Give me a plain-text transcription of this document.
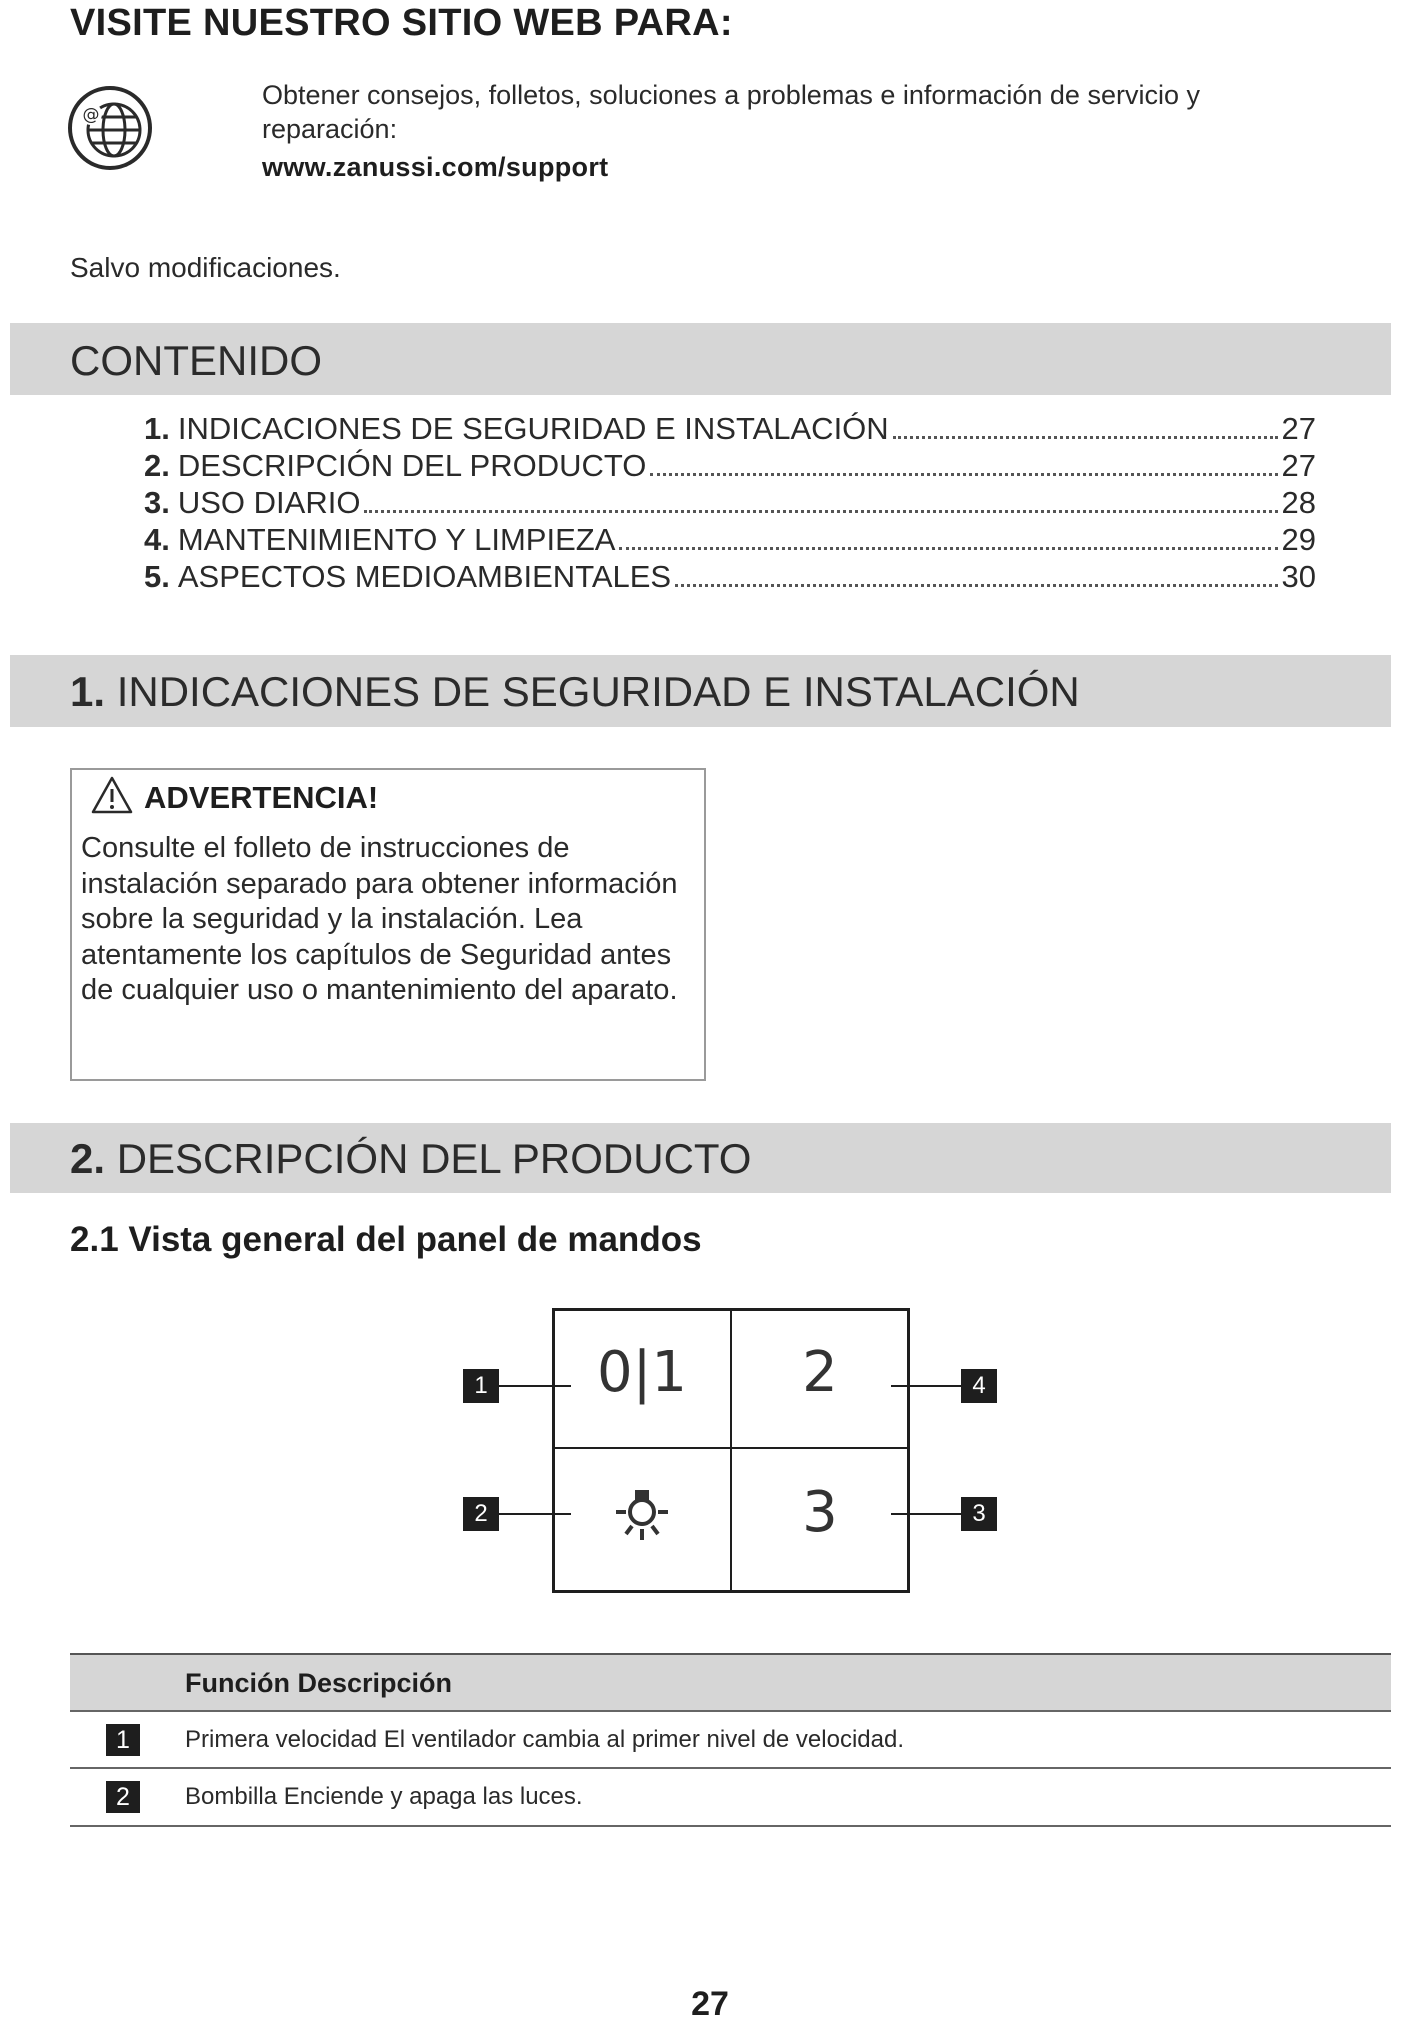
VISITE NUESTRO SITIO WEB PARA:
@
Obtener consejos, folletos, soluciones a problemas e información de servicio y reparación:
www.zanussi.com/support
Salvo modificaciones.
CONTENIDO
1. INDICACIONES DE SEGURIDAD E INSTALACIÓN	27
2. DESCRIPCIÓN DEL PRODUCTO	27
3. USO DIARIO	28
4. MANTENIMIENTO Y LIMPIEZA	29
5. ASPECTOS MEDIOAMBIENTALES	30
1. INDICACIONES DE SEGURIDAD E INSTALACIÓN
ADVERTENCIA!
Consulte el folleto de instrucciones de instalación separado para obtener información sobre la seguridad y la instalación. Lea atentamente los capítulos de Seguridad antes de cualquier uso o mantenimiento del aparato.
2. DESCRIPCIÓN DEL PRODUCTO
2.1 Vista general del panel de mandos
0|1	2
3
1
2
4
3
Función Descripción
1	Primera velocidad El ventilador cambia al primer nivel de velocidad.
2	Bombilla Enciende y apaga las luces.
27
